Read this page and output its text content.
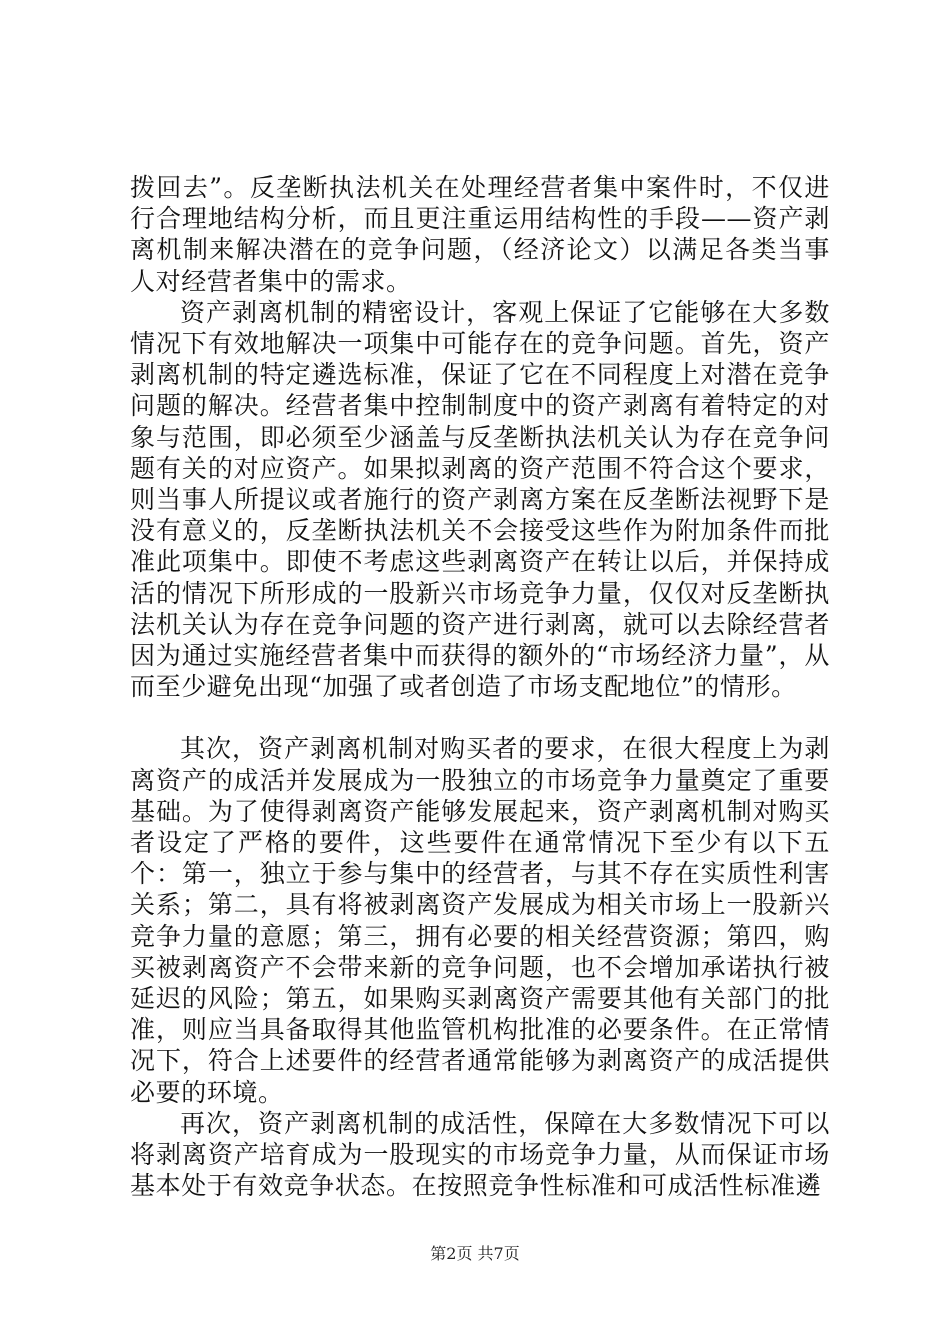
拨回去”。反垄断执法机关在处理经营者集中案件时，不仅进行合理地结构分析，而且更注重运用结构性的手段——资产剥离机制来解决潜在的竞争问题，（经济论文）以满足各类当事人对经营者集中的需求。

资产剥离机制的精密设计，客观上保证了它能够在大多数情况下有效地解决一项集中可能存在的竞争问题。首先，资产剥离机制的特定遴选标准，保证了它在不同程度上对潜在竞争问题的解决。经营者集中控制制度中的资产剥离有着特定的对象与范围，即必须至少涵盖与反垄断执法机关认为存在竞争问题有关的对应资产。如果拟剥离的资产范围不符合这个要求，则当事人所提议或者施行的资产剥离方案在反垄断法视野下是没有意义的，反垄断执法机关不会接受这些作为附加条件而批准此项集中。即使不考虑这些剥离资产在转让以后，并保持成活的情况下所形成的一股新兴市场竞争力量，仅仅对反垄断执法机关认为存在竞争问题的资产进行剥离，就可以去除经营者因为通过实施经营者集中而获得的额外的“市场经济力量”，从而至少避免出现“加强了或者创造了市场支配地位”的情形。

其次，资产剥离机制对购买者的要求，在很大程度上为剥离资产的成活并发展成为一股独立的市场竞争力量奠定了重要基础。为了使得剥离资产能够发展起来，资产剥离机制对购买者设定了严格的要件，这些要件在通常情况下至少有以下五个：第一，独立于参与集中的经营者，与其不存在实质性利害关系；第二，具有将被剥离资产发展成为相关市场上一股新兴竞争力量的意愿；第三，拥有必要的相关经营资源；第四，购买被剥离资产不会带来新的竞争问题，也不会增加承诺执行被延迟的风险；第五，如果购买剥离资产需要其他有关部门的批准，则应当具备取得其他监管机构批准的必要条件。在正常情况下，符合上述要件的经营者通常能够为剥离资产的成活提供必要的环境。

再次，资产剥离机制的成活性，保障在大多数情况下可以将剥离资产培育成为一股现实的市场竞争力量，从而保证市场基本处于有效竞争状态。在按照竞争性标准和可成活性标准遴

第2页 共7页
